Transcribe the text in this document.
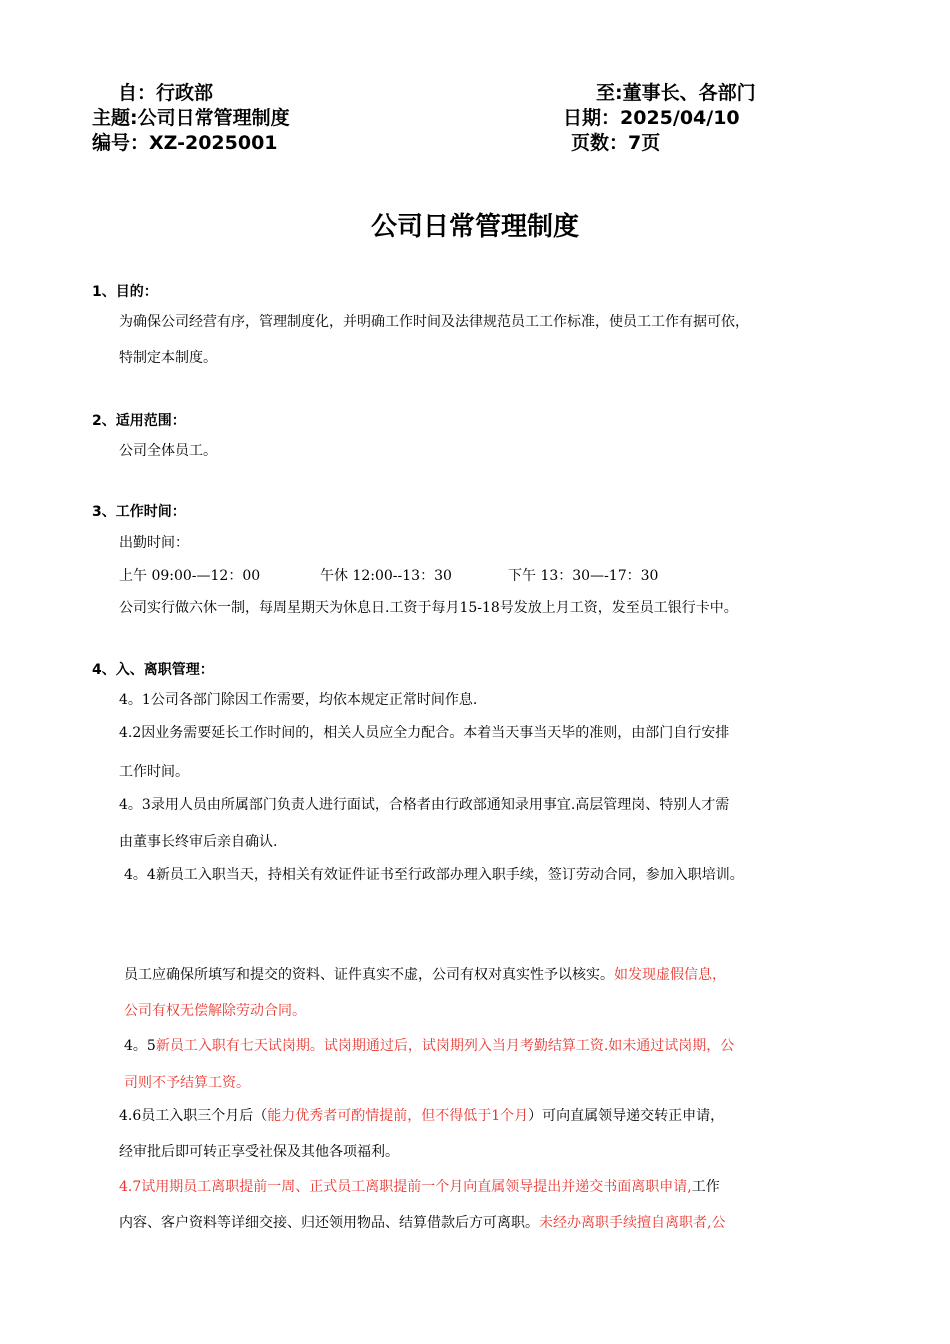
自：行政部	至:董事长、各部门
主题:公司日常管理制度	日期：2025/04/10
编号：XZ-2025001	页数：7页
公司日常管理制度
1、目的：
为确保公司经营有序，管理制度化，并明确工作时间及法律规范员工工作标准，使员工工作有据可依，
特制定本制度。
2、适用范围：
公司全体员工。
3、工作时间：
出勤时间：
上午 09:00-—12：00	午休 12:00--13：30	下午 13：30—-17：30
公司实行做六休一制，每周星期天为休息日.工资于每月15-18号发放上月工资，发至员工银行卡中。
4、入、离职管理：
4。1公司各部门除因工作需要，均依本规定正常时间作息.
4.2因业务需要延长工作时间的，相关人员应全力配合。本着当天事当天毕的准则，由部门自行安排
工作时间。
4。3录用人员由所属部门负责人进行面试，合格者由行政部通知录用事宜.高层管理岗、特别人才需
由董事长终审后亲自确认.
4。4新员工入职当天，持相关有效证件证书至行政部办理入职手续，签订劳动合同，参加入职培训。
员工应确保所填写和提交的资料、证件真实不虚，公司有权对真实性予以核实。如发现虚假信息，
公司有权无偿解除劳动合同。
4。5新员工入职有七天试岗期。试岗期通过后，试岗期列入当月考勤结算工资.如未通过试岗期，公
司则不予结算工资。
4.6员工入职三个月后（能力优秀者可酌情提前，但不得低于1个月）可向直属领导递交转正申请，
经审批后即可转正享受社保及其他各项福利。
4.7试用期员工离职提前一周、正式员工离职提前一个月向直属领导提出并递交书面离职申请,工作
内容、客户资料等详细交接、归还领用物品、结算借款后方可离职。未经办离职手续擅自离职者,公
